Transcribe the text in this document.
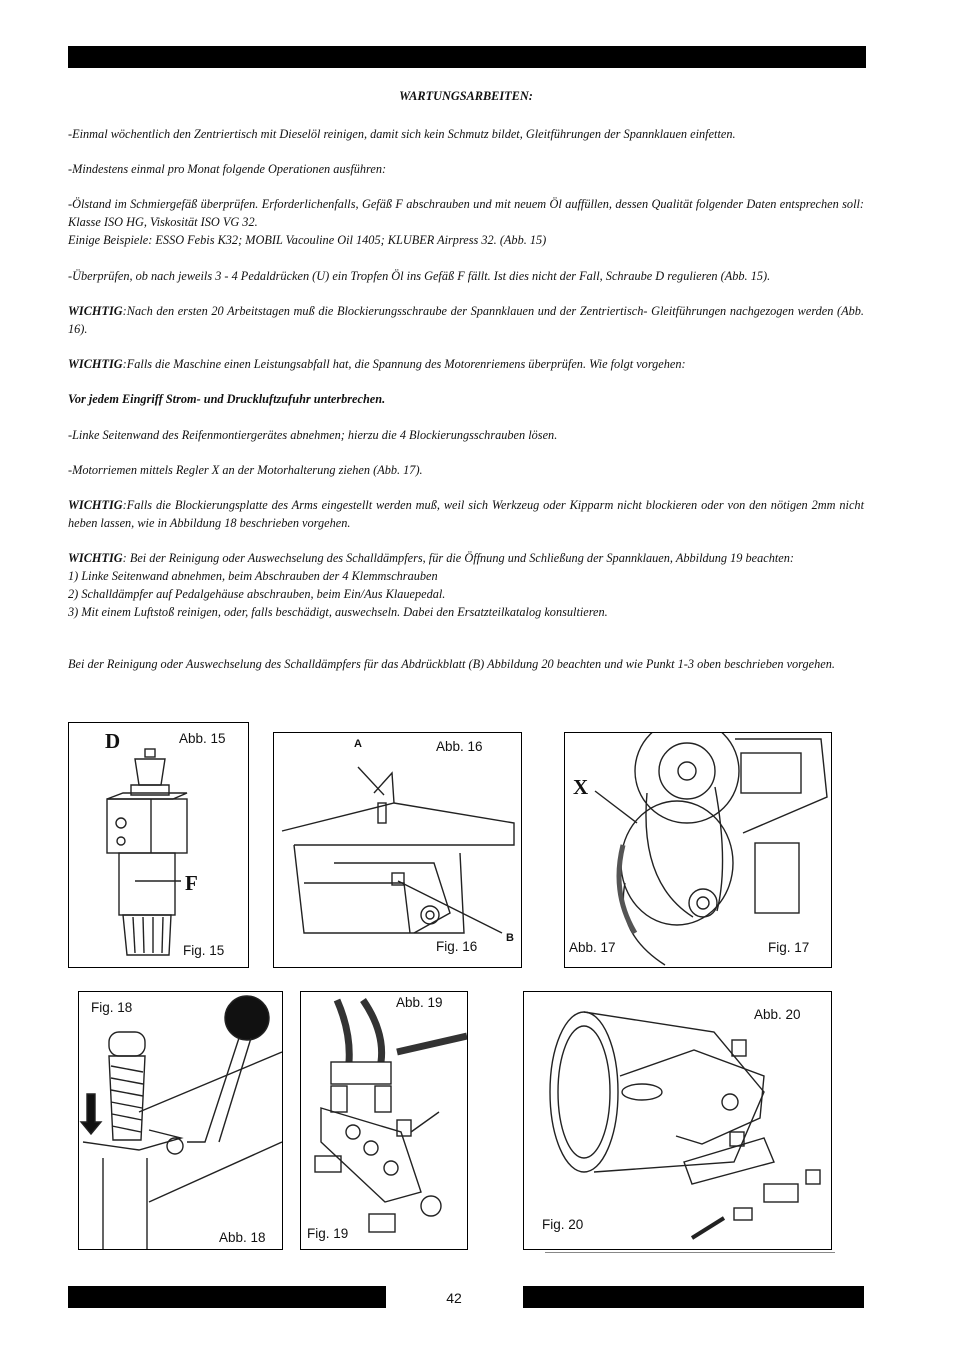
WARTUNGSARBEITEN:
-Einmal wöchentlich den Zentriertisch mit Dieselöl reinigen, damit sich kein Schmutz bildet, Gleitführungen der Spannklauen einfetten.
-Mindestens einmal pro Monat folgende Operationen ausführen:
-Ölstand im Schmiergefäß überprüfen. Erforderlichenfalls, Gefäß F abschrauben und mit neuem Öl auffüllen, dessen Qualität folgender Daten entsprechen soll: Klasse ISO HG, Viskosität ISO VG 32.
Einige Beispiele: ESSO Febis K32; MOBIL Vacouline Oil 1405; KLUBER Airpress 32. (Abb. 15)
-Überprüfen, ob nach jeweils 3 - 4 Pedaldrücken (U) ein Tropfen Öl ins Gefäß F fällt. Ist dies nicht der Fall, Schraube D regulieren (Abb. 15).
WICHTIG:Nach den ersten 20 Arbeitstagen muß die Blockierungsschraube der Spannklauen und der Zentriertisch- Gleitführungen nachgezogen werden (Abb. 16).
WICHTIG:Falls die Maschine einen Leistungsabfall hat, die Spannung des Motorenriemens überprüfen. Wie folgt vorgehen:
Vor jedem Eingriff Strom- und Druckluftzufuhr unterbrechen.
-Linke Seitenwand des Reifenmontiergerätes abnehmen; hierzu die 4 Blockierungsschrauben lösen.
-Motorriemen mittels Regler X an der Motorhalterung ziehen (Abb. 17).
WICHTIG:Falls die Blockierungsplatte des Arms eingestellt werden muß, weil sich Werkzeug oder Kipparm nicht blockieren oder von den nötigen 2mm nicht heben lassen, wie in Abbildung 18 beschrieben vorgehen.
WICHTIG: Bei der Reinigung oder Auswechselung des Schalldämpfers, für die Öffnung und Schließung der Spannklauen, Abbildung 19 beachten:
1) Linke Seitenwand abnehmen, beim Abschrauben der 4 Klemmschrauben
2) Schalldämpfer auf Pedalgehäuse abschrauben, beim Ein/Aus Klauepedal.
3) Mit einem Luftstoß reinigen, oder, falls beschädigt, auswechseln. Dabei den Ersatzteilkatalog konsultieren.
Bei der Reinigung oder Auswechselung des Schalldämpfers für das Abdrückblatt (B) Abbildung 20 beachten und wie Punkt 1-3 oben beschrieben vorgehen.
D
F
Abb. 15
Fig. 15
A
B
Abb. 16
Fig. 16
X
Abb. 17	Fig. 17
Fig. 18
Abb. 18
Abb. 19
Fig. 19
Abb. 20
Fig. 20
42
